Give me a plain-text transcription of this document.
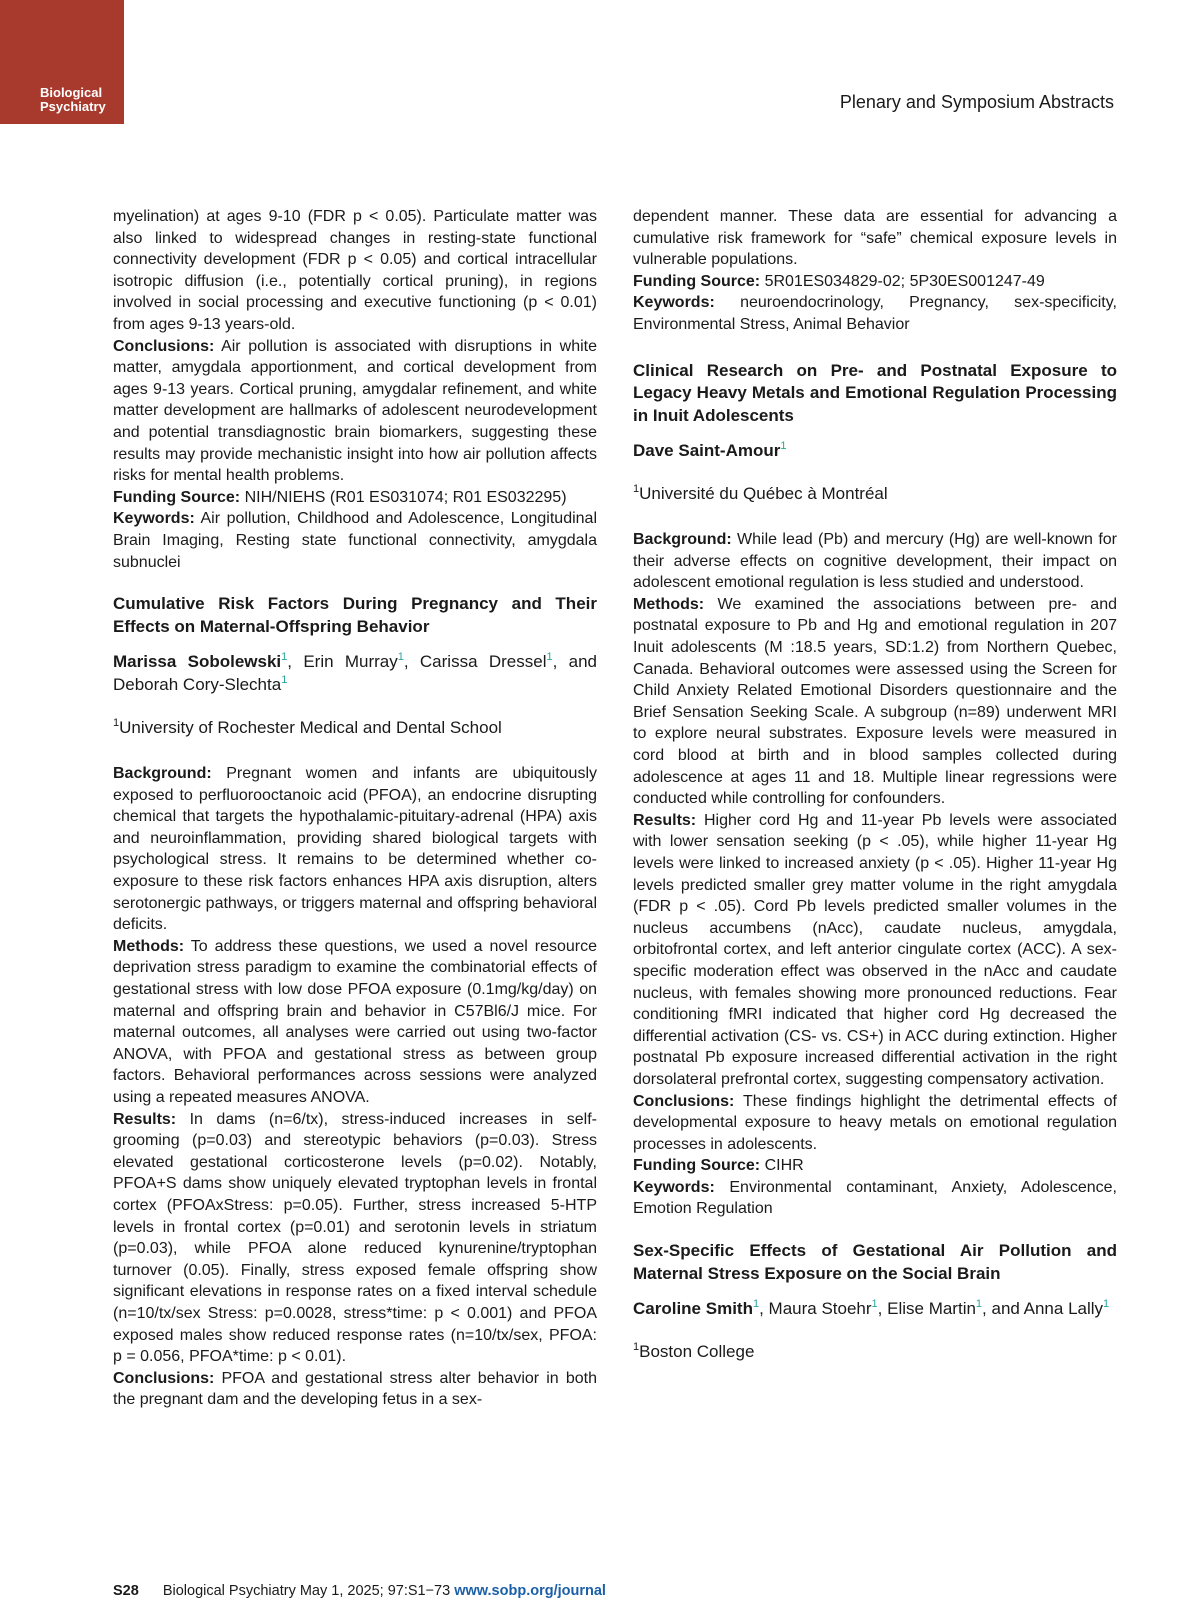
Biological
Psychiatry	Plenary and Symposium Abstracts

myelination) at ages 9-10 (FDR p < 0.05). Particulate matter was also linked to widespread changes in resting-state functional connectivity development (FDR p < 0.05) and cortical intracellular isotropic diffusion (i.e., potentially cortical pruning), in regions involved in social processing and executive functioning (p < 0.01) from ages 9-13 years-old.

Conclusions: Air pollution is associated with disruptions in white matter, amygdala apportionment, and cortical development from ages 9-13 years. Cortical pruning, amygdalar refinement, and white matter development are hallmarks of adolescent neurodevelopment and potential transdiagnostic brain biomarkers, suggesting these results may provide mechanistic insight into how air pollution affects risks for mental health problems.

Funding Source: NIH/NIEHS (R01 ES031074; R01 ES032295)

Keywords: Air pollution, Childhood and Adolescence, Longitudinal Brain Imaging, Resting state functional connectivity, amygdala subnuclei

Cumulative Risk Factors During Pregnancy and Their Effects on Maternal-Offspring Behavior

Marissa Sobolewski$^1$, Erin Murray$^1$, Carissa Dressel$^1$, and Deborah Cory-Slechta$^1$

$^1$University of Rochester Medical and Dental School

Background: Pregnant women and infants are ubiquitously exposed to perfluorooctanoic acid (PFOA), an endocrine disrupting chemical that targets the hypothalamic-pituitary-adrenal (HPA) axis and neuroinflammation, providing shared biological targets with psychological stress. It remains to be determined whether co-exposure to these risk factors enhances HPA axis disruption, alters serotonergic pathways, or triggers maternal and offspring behavioral deficits.

Methods: To address these questions, we used a novel resource deprivation stress paradigm to examine the combinatorial effects of gestational stress with low dose PFOA exposure (0.1mg/kg/day) on maternal and offspring brain and behavior in C57Bl6/J mice. For maternal outcomes, all analyses were carried out using two-factor ANOVA, with PFOA and gestational stress as between group factors. Behavioral performances across sessions were analyzed using a repeated measures ANOVA.

Results: In dams (n=6/tx), stress-induced increases in self-grooming (p=0.03) and stereotypic behaviors (p=0.03). Stress elevated gestational corticosterone levels (p=0.02). Notably, PFOA+S dams show uniquely elevated tryptophan levels in frontal cortex (PFOAxStress: p=0.05). Further, stress increased 5-HTP levels in frontal cortex (p=0.01) and serotonin levels in striatum (p=0.03), while PFOA alone reduced kynurenine/tryptophan turnover (0.05). Finally, stress exposed female offspring show significant elevations in response rates on a fixed interval schedule (n=10/tx/sex Stress: p=0.0028, stress*time: p < 0.001) and PFOA exposed males show reduced response rates (n=10/tx/sex, PFOA: p = 0.056, PFOA*time: p < 0.01).

Conclusions: PFOA and gestational stress alter behavior in both the pregnant dam and the developing fetus in a sex-

dependent manner. These data are essential for advancing a cumulative risk framework for “safe” chemical exposure levels in vulnerable populations.

Funding Source: 5R01ES034829-02; 5P30ES001247-49

Keywords: neuroendocrinology, Pregnancy, sex-specificity, Environmental Stress, Animal Behavior

Clinical Research on Pre- and Postnatal Exposure to Legacy Heavy Metals and Emotional Regulation Processing in Inuit Adolescents

Dave Saint-Amour$^1$

$^1$Université du Québec à Montréal

Background: While lead (Pb) and mercury (Hg) are well-known for their adverse effects on cognitive development, their impact on adolescent emotional regulation is less studied and understood.

Methods: We examined the associations between pre- and postnatal exposure to Pb and Hg and emotional regulation in 207 Inuit adolescents (M :18.5 years, SD:1.2) from Northern Quebec, Canada. Behavioral outcomes were assessed using the Screen for Child Anxiety Related Emotional Disorders questionnaire and the Brief Sensation Seeking Scale. A subgroup (n=89) underwent MRI to explore neural substrates. Exposure levels were measured in cord blood at birth and in blood samples collected during adolescence at ages 11 and 18. Multiple linear regressions were conducted while controlling for confounders.

Results: Higher cord Hg and 11-year Pb levels were associated with lower sensation seeking (p < .05), while higher 11-year Hg levels were linked to increased anxiety (p < .05). Higher 11-year Hg levels predicted smaller grey matter volume in the right amygdala (FDR p < .05). Cord Pb levels predicted smaller volumes in the nucleus accumbens (nAcc), caudate nucleus, amygdala, orbitofrontal cortex, and left anterior cingulate cortex (ACC). A sex-specific moderation effect was observed in the nAcc and caudate nucleus, with females showing more pronounced reductions. Fear conditioning fMRI indicated that higher cord Hg decreased the differential activation (CS- vs. CS+) in ACC during extinction. Higher postnatal Pb exposure increased differential activation in the right dorsolateral prefrontal cortex, suggesting compensatory activation.

Conclusions: These findings highlight the detrimental effects of developmental exposure to heavy metals on emotional regulation processes in adolescents.

Funding Source: CIHR

Keywords: Environmental contaminant, Anxiety, Adolescence, Emotion Regulation

Sex-Specific Effects of Gestational Air Pollution and Maternal Stress Exposure on the Social Brain

Caroline Smith$^1$, Maura Stoehr$^1$, Elise Martin$^1$, and Anna Lally$^1$

$^1$Boston College

S28 Biological Psychiatry May 1, 2025; 97:S1−73 www.sobp.org/journal
